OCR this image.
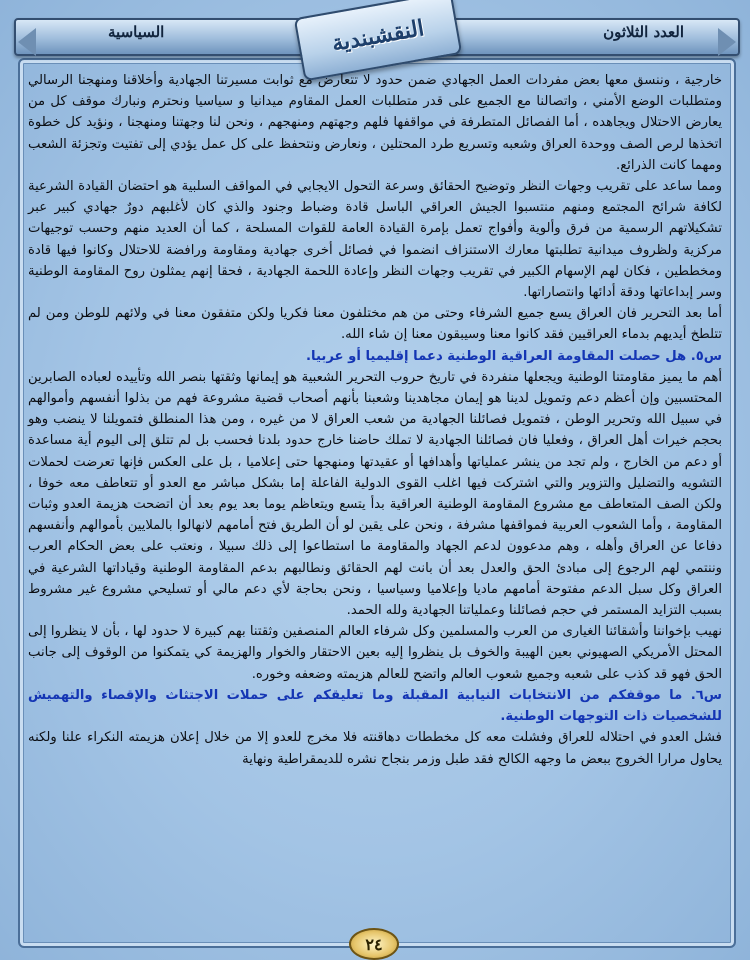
السياسية	العدد الثلاثون
النقشبندية

خارجية ، وننسق معها بعض مفردات العمل الجهادي ضمن حدود لا تتعارض مع ثوابت مسيرتنا الجهادية وأخلاقنا ومنهجنا الرسالي ومتطلبات الوضع الأمني ، واتصالنا مع الجميع على قدر متطلبات العمل المقاوم ميدانيا و سياسيا ونحترم ونبارك موقف كل من يعارض الاحتلال ويجاهده ، أما الفصائل المتطرفة في مواقفها فلهم وجهتهم ومنهجهم ، ونحن لنا وجهتنا ومنهجنا ، ونؤيد كل خطوة اتخذها لرص الصف ووحدة العراق وشعبه وتسريع طرد المحتلين ، ونعارض ونتحفظ على كل عمل يؤدي إلى تفتيت وتجزئة الشعب ومهما كانت الذرائع.

ومما ساعد على تقريب وجهات النظر وتوضيح الحقائق وسرعة التحول الايجابي في المواقف السلبية هو احتضان القيادة الشرعية لكافة شرائح المجتمع ومنهم منتسبوا الجيش العراقي الباسل قادة وضباط وجنود والذي كان لأغلبهم دورٌ جهادي كبير عبر تشكيلاتهم الرسمية من فرق وألوية وأفواج تعمل بإمرة القيادة العامة للقوات المسلحة ، كما أن العديد منهم وحسب توجيهات مركزية ولظروف ميدانية تطلبتها معارك الاستنزاف انضموا في فصائل أخرى جهادية ومقاومة ورافضة للاحتلال وكانوا فيها قادة ومخططين ، فكان لهم الإسهام الكبير في تقريب وجهات النظر وإعادة اللحمة الجهادية ، فحقا إنهم يمثلون روح المقاومة الوطنية وسر إبداعاتها ودقة أدائها وانتصاراتها.

أما بعد التحرير فان العراق يسع جميع الشرفاء وحتى من هم مختلفون معنا فكريا ولكن متفقون معنا في ولائهم للوطن ومن لم تتلطخ أيديهم بدماء العراقيين فقد كانوا معنا وسيبقون معنا إن شاء الله.

س٥. هل حصلت المقاومة العراقية الوطنية دعما إقليميا أو عربيا.

أهم ما يميز مقاومتنا الوطنية ويجعلها منفردة في تاريخ حروب التحرير الشعبية هو إيمانها وثقتها بنصر الله وتأييده لعباده الصابرين المحتسبين وإن أعظم دعم وتمويل لدينا هو إيمان مجاهدينا وشعبنا بأنهم أصحاب قضية مشروعة فهم من بذلوا أنفسهم وأموالهم في سبيل الله وتحرير الوطن ، فتمويل فصائلنا الجهادية من شعب العراق لا من غيره ، ومن هذا المنطلق فتمويلنا لا ينضب وهو بحجم خيرات أهل العراق ، وفعليا فان فصائلنا الجهادية لا تملك حاضنا خارج حدود بلدنا فحسب بل لم تتلق إلى اليوم أية مساعدة أو دعم من الخارج ، ولم تجد من ينشر عملياتها وأهدافها أو عقيدتها ومنهجها حتى إعلاميا ، بل على العكس فإنها تعرضت لحملات التشويه والتضليل والتزوير والتي اشتركت فيها اغلب القوى الدولية الفاعلة إما بشكل مباشر مع العدو أو تتعاطف معه خوفا ، ولكن الصف المتعاطف مع مشروع المقاومة الوطنية العراقية بدأ يتسع ويتعاظم يوما بعد يوم بعد أن اتضحت هزيمة العدو وثبات المقاومة ، وأما الشعوب العربية فمواقفها مشرفة ، ونحن على يقين لو أن الطريق فتح أمامهم لانهالوا بالملايين بأموالهم وأنفسهم دفاعا عن العراق وأهله ، وهم مدعوون لدعم الجهاد والمقاومة ما استطاعوا إلى ذلك سبيلا ، ونعتب على بعض الحكام العرب وننتمي لهم الرجوع إلى مبادئ الحق والعدل بعد أن بانت لهم الحقائق ونطالبهم بدعم المقاومة الوطنية وقياداتها الشرعية في العراق وكل سبل الدعم مفتوحة أمامهم ماديا وإعلاميا وسياسيا ، ونحن بحاجة لأي دعم مالي أو تسليحي مشروع غير مشروط بسبب التزايد المستمر في حجم فصائلنا وعملياتنا الجهادية ولله الحمد.

نهيب بإخواننا وأشقائنا الغيارى من العرب والمسلمين وكل شرفاء العالم المنصفين وثقتنا بهم كبيرة لا حدود لها ، بأن لا ينظروا إلى المحتل الأمريكي الصهيوني بعين الهيبة والخوف بل ينظروا إليه بعين الاحتقار والخوار والهزيمة كي يتمكنوا من الوقوف إلى جانب الحق فهو قد كذب على شعبه وجميع شعوب العالم واتضح للعالم هزيمته وضعفه وخوره.

س٦. ما موقفكم من الانتخابات النيابية المقبلة وما تعليقكم على حملات الاجتثاث والإقصاء والتهميش للشخصيات ذات التوجهات الوطنية.

فشل العدو في احتلاله للعراق وفشلت معه كل مخططات دهاقنته فلا مخرج للعدو إلا من خلال إعلان هزيمته النكراء علنا ولكنه يحاول مرارا الخروج ببعض ما وجهه الكالح فقد طبل وزمر بنجاح نشره للديمقراطية ونهاية

٢٤
